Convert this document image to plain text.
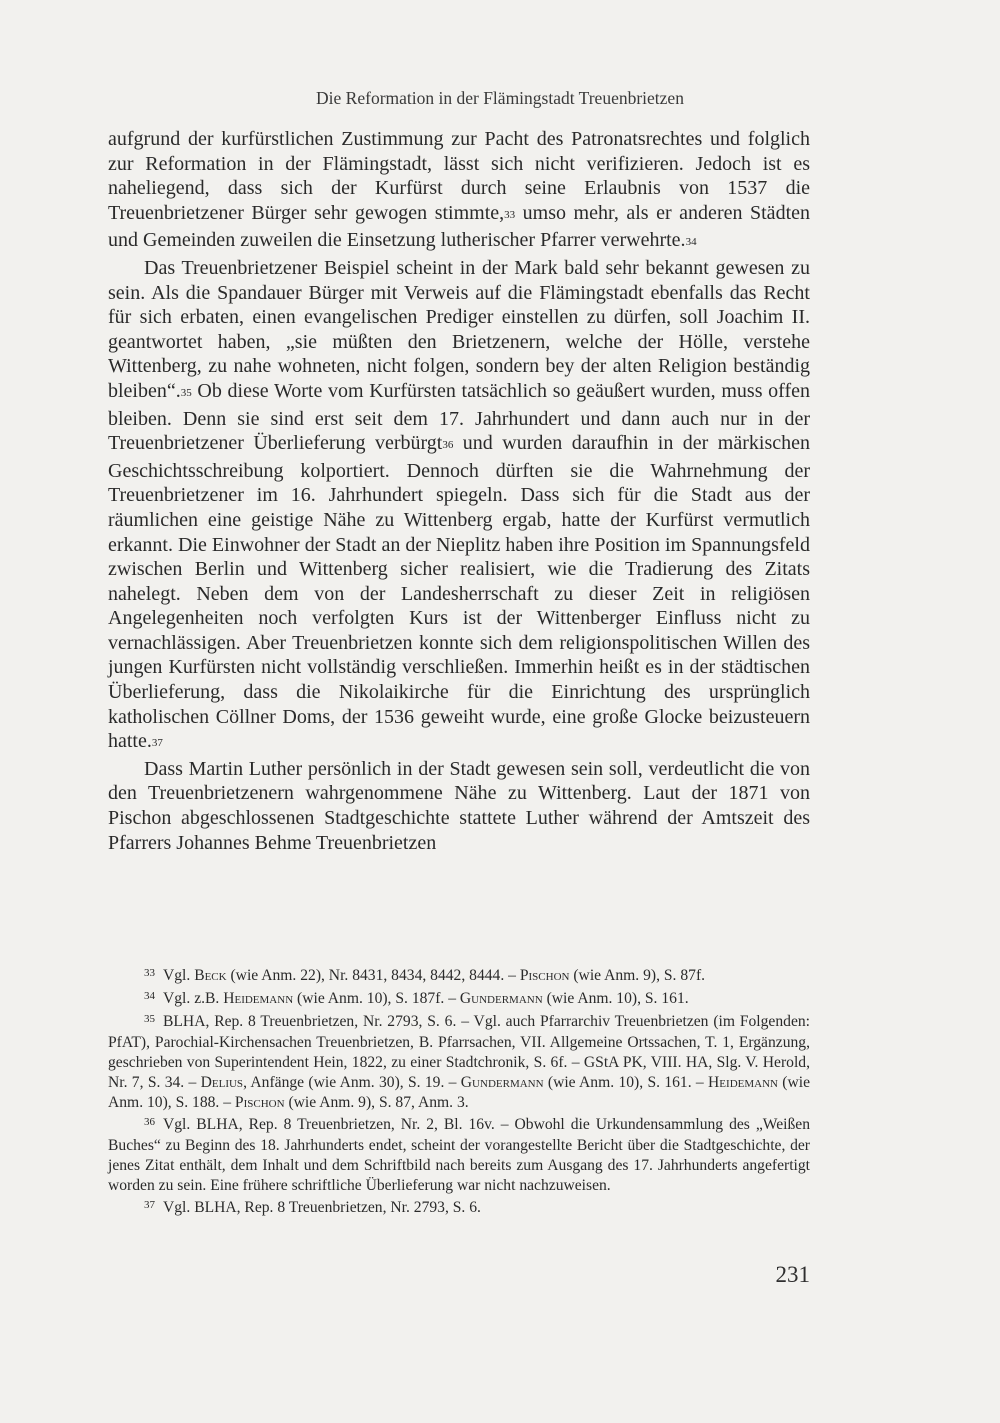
Die Reformation in der Flämingstadt Treuenbrietzen

aufgrund der kurfürstlichen Zustimmung zur Pacht des Patronatsrechtes und folglich zur Reformation in der Flämingstadt, lässt sich nicht verifizieren. Jedoch ist es naheliegend, dass sich der Kurfürst durch seine Erlaubnis von 1537 die Treuenbrietzener Bürger sehr gewogen stimmte,$^{33}$ umso mehr, als er anderen Städten und Gemeinden zuweilen die Einsetzung lutherischer Pfarrer verwehrte.$^{34}$

Das Treuenbrietzener Beispiel scheint in der Mark bald sehr bekannt gewesen zu sein. Als die Spandauer Bürger mit Verweis auf die Flämingstadt ebenfalls das Recht für sich erbaten, einen evangelischen Prediger einstellen zu dürfen, soll Joachim II. geantwortet haben, „sie müßten den Brietzenern, welche der Hölle, verstehe Wittenberg, zu nahe wohneten, nicht folgen, sondern bey der alten Religion beständig bleiben“.$^{35}$ Ob diese Worte vom Kurfürsten tatsächlich so geäußert wurden, muss offen bleiben. Denn sie sind erst seit dem 17. Jahrhundert und dann auch nur in der Treuenbrietzener Überlieferung verbürgt$^{36}$ und wurden daraufhin in der märkischen Geschichtsschreibung kolportiert. Dennoch dürften sie die Wahrnehmung der Treuenbrietzener im 16. Jahrhundert spiegeln. Dass sich für die Stadt aus der räumlichen eine geistige Nähe zu Wittenberg ergab, hatte der Kurfürst vermutlich erkannt. Die Einwohner der Stadt an der Nieplitz haben ihre Position im Spannungsfeld zwischen Berlin und Wittenberg sicher realisiert, wie die Tradierung des Zitats nahelegt. Neben dem von der Landesherrschaft zu dieser Zeit in religiösen Angelegenheiten noch verfolgten Kurs ist der Wittenberger Einfluss nicht zu vernachlässigen. Aber Treuenbrietzen konnte sich dem religionspolitischen Willen des jungen Kurfürsten nicht vollständig verschließen. Immerhin heißt es in der städtischen Überlieferung, dass die Nikolaikirche für die Einrichtung des ursprünglich katholischen Cöllner Doms, der 1536 geweiht wurde, eine große Glocke beizusteuern hatte.$^{37}$

Dass Martin Luther persönlich in der Stadt gewesen sein soll, verdeutlicht die von den Treuenbrietzenern wahrgenommene Nähe zu Wittenberg. Laut der 1871 von Pischon abgeschlossenen Stadtgeschichte stattete Luther während der Amtszeit des Pfarrers Johannes Behme Treuenbrietzen

$^{33}$ Vgl. Beck (wie Anm. 22), Nr. 8431, 8434, 8442, 8444. – Pischon (wie Anm. 9), S. 87f.

$^{34}$ Vgl. z.B. Heidemann (wie Anm. 10), S. 187f. – Gundermann (wie Anm. 10), S. 161.

$^{35}$ BLHA, Rep. 8 Treuenbrietzen, Nr. 2793, S. 6. – Vgl. auch Pfarrarchiv Treuenbrietzen (im Folgenden: PfAT), Parochial-Kirchensachen Treuenbrietzen, B. Pfarrsachen, VII. Allgemeine Ortssachen, T. 1, Ergänzung, geschrieben von Superintendent Hein, 1822, zu einer Stadtchronik, S. 6f. – GStA PK, VIII. HA, Slg. V. Herold, Nr. 7, S. 34. – Delius, Anfänge (wie Anm. 30), S. 19. – Gundermann (wie Anm. 10), S. 161. – Heidemann (wie Anm. 10), S. 188. – Pischon (wie Anm. 9), S. 87, Anm. 3.

$^{36}$ Vgl. BLHA, Rep. 8 Treuenbrietzen, Nr. 2, Bl. 16v. – Obwohl die Urkundensammlung des „Weißen Buches“ zu Beginn des 18. Jahrhunderts endet, scheint der vorangestellte Bericht über die Stadtgeschichte, der jenes Zitat enthält, dem Inhalt und dem Schriftbild nach bereits zum Ausgang des 17. Jahrhunderts angefertigt worden zu sein. Eine frühere schriftliche Überlieferung war nicht nachzuweisen.

$^{37}$ Vgl. BLHA, Rep. 8 Treuenbrietzen, Nr. 2793, S. 6.

231
